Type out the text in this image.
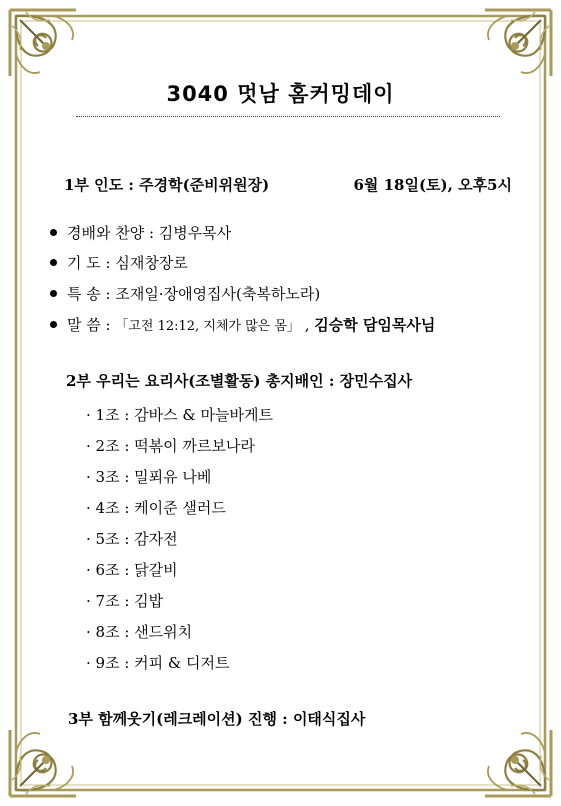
3040 멋남 홈커밍데이
1부 인도 : 주경학(준비위원장)	6월 18일(토), 오후5시
경배와 찬양 : 김병우목사
기 도 : 심재창장로
특 송 : 조재일·장애영집사(축복하노라)
말 씀 : 「고전 12:12, 지체가 많은 몸」 , 김승학 담임목사님
2부 우리는 요리사(조별활동) 총지배인 : 장민수집사
· 1조 : 감바스 & 마늘바게트
· 2조 : 떡볶이 까르보나라
· 3조 : 밀푀유 나베
· 4조 : 케이준 샐러드
· 5조 : 감자전
· 6조 : 닭갈비
· 7조 : 김밥
· 8조 : 샌드위치
· 9조 : 커피 & 디저트
3부 함께웃기(레크레이션) 진행 : 이태식집사
